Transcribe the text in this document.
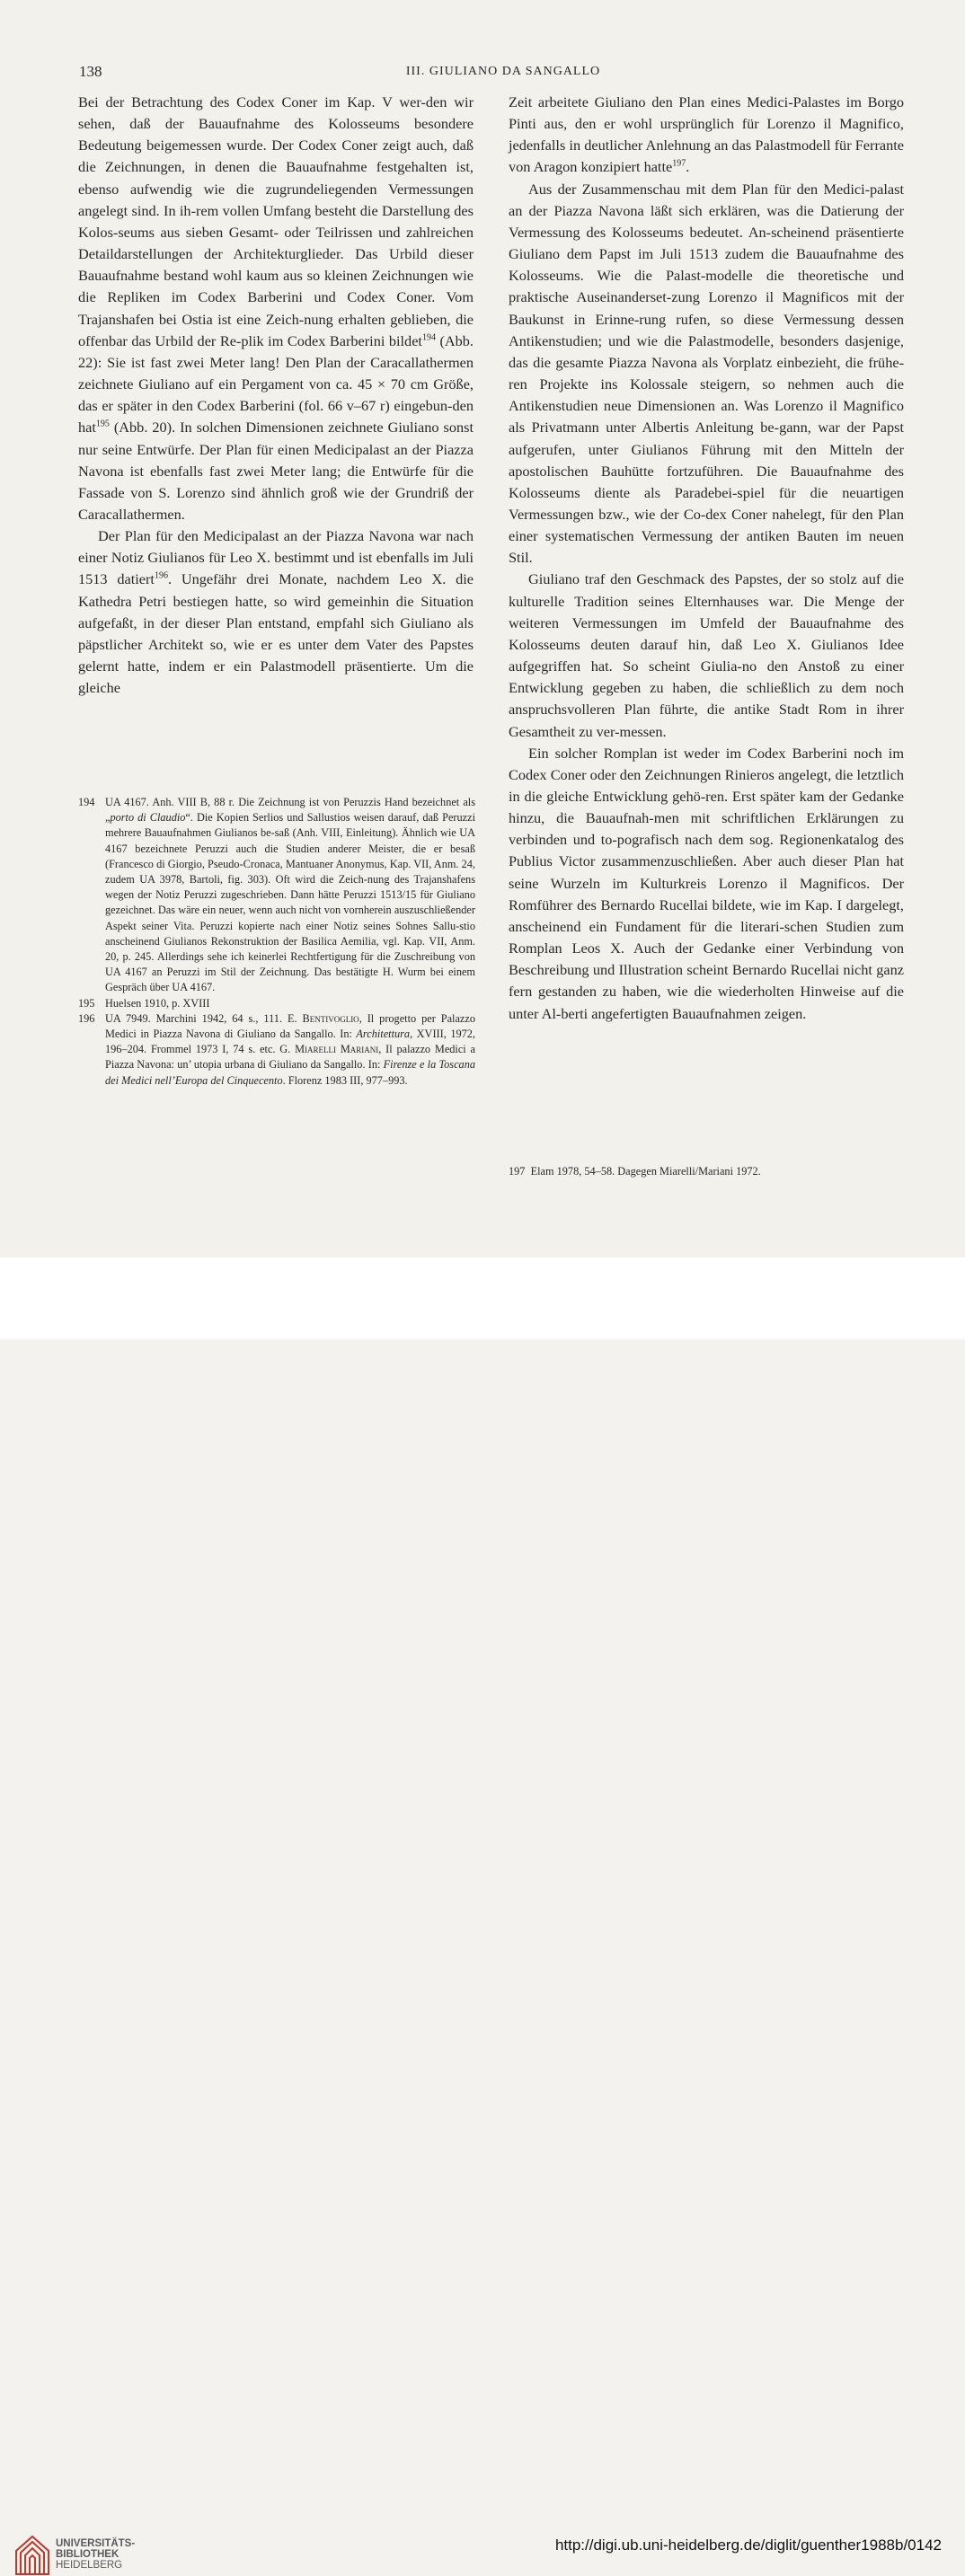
138	III. GIULIANO DA SANGALLO

Bei der Betrachtung des Codex Coner im Kap. V wer-den wir sehen, daß der Bauaufnahme des Kolosseums besondere Bedeutung beigemessen wurde. Der Codex Coner zeigt auch, daß die Zeichnungen, in denen die Bauaufnahme festgehalten ist, ebenso aufwendig wie die zugrundeliegenden Vermessungen angelegt sind. In ih-rem vollen Umfang besteht die Darstellung des Kolos-seums aus sieben Gesamt- oder Teilrissen und zahlreichen Detaildarstellungen der Architekturglieder. Das Urbild dieser Bauaufnahme bestand wohl kaum aus so kleinen Zeichnungen wie die Repliken im Codex Barberini und Codex Coner. Vom Trajanshafen bei Ostia ist eine Zeich-nung erhalten geblieben, die offenbar das Urbild der Re-plik im Codex Barberini bildet$^{194}$ (Abb. 22): Sie ist fast zwei Meter lang! Den Plan der Caracallathermen zeichnete Giuliano auf ein Pergament von ca. 45 × 70 cm Größe, das er später in den Codex Barberini (fol. 66 v–67 r) eingebun-den hat$^{195}$ (Abb. 20). In solchen Dimensionen zeichnete Giuliano sonst nur seine Entwürfe. Der Plan für einen Medicipalast an der Piazza Navona ist ebenfalls fast zwei Meter lang; die Entwürfe für die Fassade von S. Lorenzo sind ähnlich groß wie der Grundriß der Caracallathermen.

Der Plan für den Medicipalast an der Piazza Navona war nach einer Notiz Giulianos für Leo X. bestimmt und ist ebenfalls im Juli 1513 datiert$^{196}$. Ungefähr drei Monate, nachdem Leo X. die Kathedra Petri bestiegen hatte, so wird gemeinhin die Situation aufgefaßt, in der dieser Plan entstand, empfahl sich Giuliano als päpstlicher Architekt so, wie er es unter dem Vater des Papstes gelernt hatte, indem er ein Palastmodell präsentierte. Um die gleiche

Zeit arbeitete Giuliano den Plan eines Medici-Palastes im Borgo Pinti aus, den er wohl ursprünglich für Lorenzo il Magnifico, jedenfalls in deutlicher Anlehnung an das Palastmodell für Ferrante von Aragon konzipiert hatte$^{197}$.

Aus der Zusammenschau mit dem Plan für den Medici-palast an der Piazza Navona läßt sich erklären, was die Datierung der Vermessung des Kolosseums bedeutet. An-scheinend präsentierte Giuliano dem Papst im Juli 1513 zudem die Bauaufnahme des Kolosseums. Wie die Palast-modelle die theoretische und praktische Auseinanderset-zung Lorenzo il Magnificos mit der Baukunst in Erinne-rung rufen, so diese Vermessung dessen Antikenstudien; und wie die Palastmodelle, besonders dasjenige, das die gesamte Piazza Navona als Vorplatz einbezieht, die frühe-ren Projekte ins Kolossale steigern, so nehmen auch die Antikenstudien neue Dimensionen an. Was Lorenzo il Magnifico als Privatmann unter Albertis Anleitung be-gann, war der Papst aufgerufen, unter Giulianos Führung mit den Mitteln der apostolischen Bauhütte fortzuführen. Die Bauaufnahme des Kolosseums diente als Paradebei-spiel für die neuartigen Vermessungen bzw., wie der Co-dex Coner nahelegt, für den Plan einer systematischen Vermessung der antiken Bauten im neuen Stil.

Giuliano traf den Geschmack des Papstes, der so stolz auf die kulturelle Tradition seines Elternhauses war. Die Menge der weiteren Vermessungen im Umfeld der Bauaufnahme des Kolosseums deuten darauf hin, daß Leo X. Giulianos Idee aufgegriffen hat. So scheint Giulia-no den Anstoß zu einer Entwicklung gegeben zu haben, die schließlich zu dem noch anspruchsvolleren Plan führte, die antike Stadt Rom in ihrer Gesamtheit zu ver-messen.

Ein solcher Romplan ist weder im Codex Barberini noch im Codex Coner oder den Zeichnungen Rinieros angelegt, die letztlich in die gleiche Entwicklung gehö-ren. Erst später kam der Gedanke hinzu, die Bauaufnah-men mit schriftlichen Erklärungen zu verbinden und to-pografisch nach dem sog. Regionenkatalog des Publius Victor zusammenzuschließen. Aber auch dieser Plan hat seine Wurzeln im Kulturkreis Lorenzo il Magnificos. Der Romführer des Bernardo Rucellai bildete, wie im Kap. I dargelegt, anscheinend ein Fundament für die literari-schen Studien zum Romplan Leos X. Auch der Gedanke einer Verbindung von Beschreibung und Illustration scheint Bernardo Rucellai nicht ganz fern gestanden zu haben, wie die wiederholten Hinweise auf die unter Al-berti angefertigten Bauaufnahmen zeigen.

194 UA 4167. Anh. VIII B, 88 r. Die Zeichnung ist von Peruzzis Hand bezeichnet als „porto di Claudio“. Die Kopien Serlios und Sallustios weisen darauf, daß Peruzzi mehrere Bauaufnahmen Giulianos be-saß (Anh. VIII, Einleitung). Ähnlich wie UA 4167 bezeichnete Peruzzi auch die Studien anderer Meister, die er besaß (Francesco di Giorgio, Pseudo-Cronaca, Mantuaner Anonymus, Kap. VII, Anm. 24, zudem UA 3978, Bartoli, fig. 303). Oft wird die Zeich-nung des Trajanshafens wegen der Notiz Peruzzi zugeschrieben. Dann hätte Peruzzi 1513/15 für Giuliano gezeichnet. Das wäre ein neuer, wenn auch nicht von vornherein auszuschließender Aspekt seiner Vita. Peruzzi kopierte nach einer Notiz seines Sohnes Sallu-stio anscheinend Giulianos Rekonstruktion der Basilica Aemilia, vgl. Kap. VII, Anm. 20, p. 245. Allerdings sehe ich keinerlei Rechtfertigung für die Zuschreibung von UA 4167 an Peruzzi im Stil der Zeichnung. Das bestätigte H. Wurm bei einem Gespräch über UA 4167.

195 Huelsen 1910, p. XVIII

196 UA 7949. Marchini 1942, 64 s., 111. E. Bentivoglio, Il progetto per Palazzo Medici in Piazza Navona di Giuliano da Sangallo. In: Architettura, XVIII, 1972, 196–204. Frommel 1973 I, 74 s. etc. G. Miarelli Mariani, Il palazzo Medici a Piazza Navona: un’ utopia urbana di Giuliano da Sangallo. In: Firenze e la Toscana dei Medici nell’Europa del Cinquecento. Florenz 1983 III, 977–993.

197 Elam 1978, 54–58. Dagegen Miarelli/Mariani 1972.
UNIVERSITÄTS-
BIBLIOTHEK
HEIDELBERG
http://digi.ub.uni-heidelberg.de/diglit/guenther1988b/0142
